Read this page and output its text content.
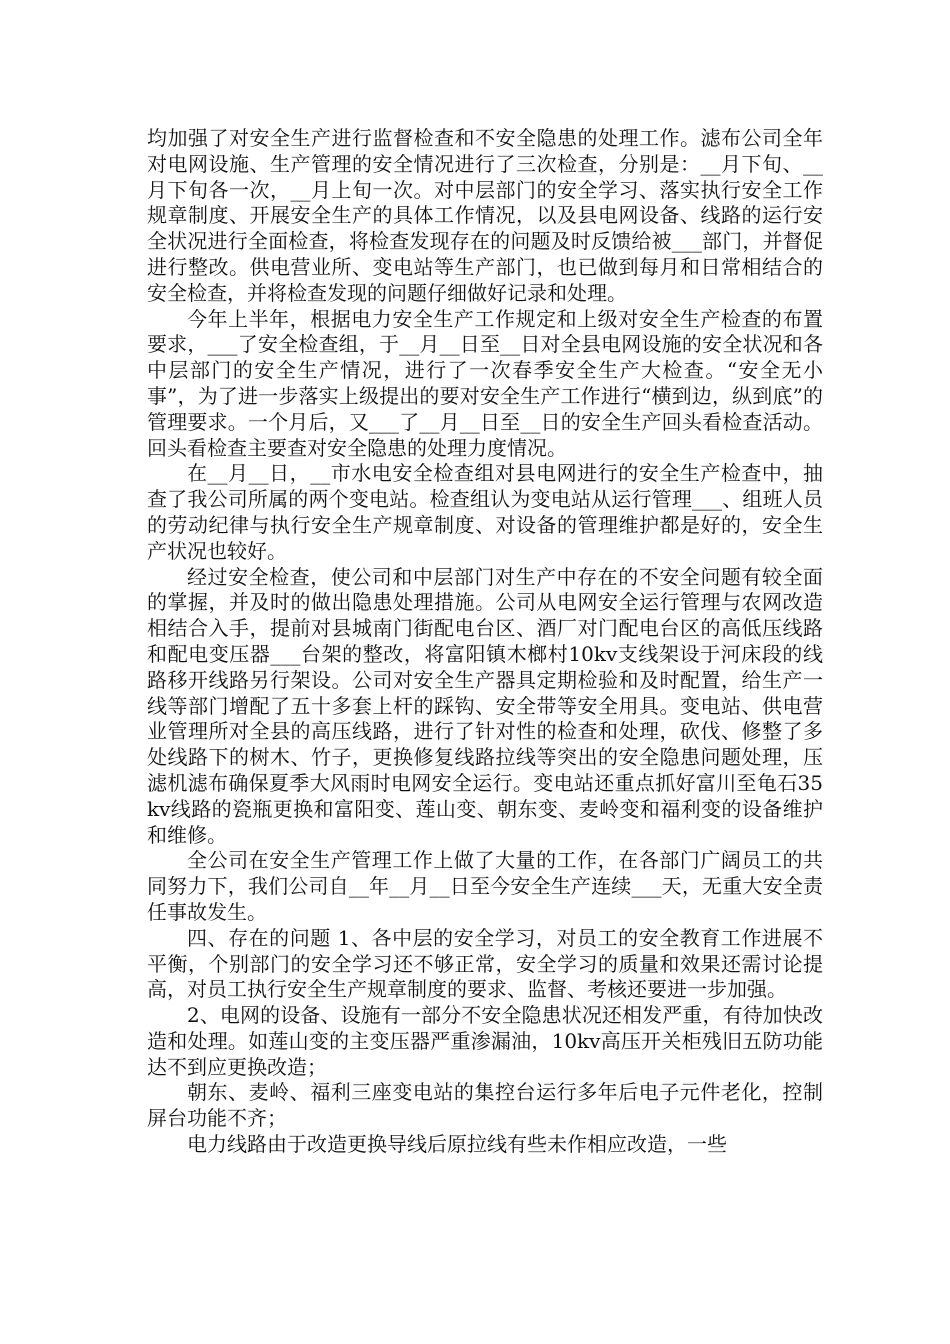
均加强了对安全生产进行监督检查和不安全隐患的处理工作。滤布公司全年对电网设施、生产管理的安全情况进行了三次检查，分别是：__月下旬、__月下旬各一次，__月上旬一次。对中层部门的安全学习、落实执行安全工作规章制度、开展安全生产的具体工作情况，以及县电网设备、线路的运行安全状况进行全面检查，将检查发现存在的问题及时反馈给被___部门，并督促进行整改。供电营业所、变电站等生产部门，也已做到每月和日常相结合的安全检查，并将检查发现的问题仔细做好记录和处理。

今年上半年，根据电力安全生产工作规定和上级对安全生产检查的布置要求，___了安全检查组，于__月__日至__日对全县电网设施的安全状况和各中层部门的安全生产情况，进行了一次春季安全生产大检查。“安全无小事”，为了进一步落实上级提出的要对安全生产工作进行“横到边，纵到底”的管理要求。一个月后，又___了__月__日至__日的安全生产回头看检查活动。回头看检查主要查对安全隐患的处理力度情况。

在__月__日，__市水电安全检查组对县电网进行的安全生产检查中，抽查了我公司所属的两个变电站。检查组认为变电站从运行管理___、组班人员的劳动纪律与执行安全生产规章制度、对设备的管理维护都是好的，安全生产状况也较好。

经过安全检查，使公司和中层部门对生产中存在的不安全问题有较全面的掌握，并及时的做出隐患处理措施。公司从电网安全运行管理与农网改造相结合入手，提前对县城南门街配电台区、酒厂对门配电台区的高低压线路和配电变压器___台架的整改，将富阳镇木榔村10kv支线架设于河床段的线路移开线路另行架设。公司对安全生产器具定期检验和及时配置，给生产一线等部门增配了五十多套上杆的踩钩、安全带等安全用具。变电站、供电营业管理所对全县的高压线路，进行了针对性的检查和处理，砍伐、修整了多处线路下的树木、竹子，更换修复线路拉线等突出的安全隐患问题处理，压滤机滤布确保夏季大风雨时电网安全运行。变电站还重点抓好富川至龟石35kv线路的瓷瓶更换和富阳变、莲山变、朝东变、麦岭变和福利变的设备维护和维修。

全公司在安全生产管理工作上做了大量的工作，在各部门广阔员工的共同努力下，我们公司自__年__月__日至今安全生产连续___天，无重大安全责任事故发生。

四、存在的问题 1、各中层的安全学习，对员工的安全教育工作进展不平衡，个别部门的安全学习还不够正常，安全学习的质量和效果还需讨论提高，对员工执行安全生产规章制度的要求、监督、考核还要进一步加强。

2、电网的设备、设施有一部分不安全隐患状况还相发严重，有待加快改造和处理。如莲山变的主变压器严重渗漏油，10kv高压开关柜残旧五防功能达不到应更换改造；

朝东、麦岭、福利三座变电站的集控台运行多年后电子元件老化，控制屏台功能不齐；

电力线路由于改造更换导线后原拉线有些未作相应改造，一些
